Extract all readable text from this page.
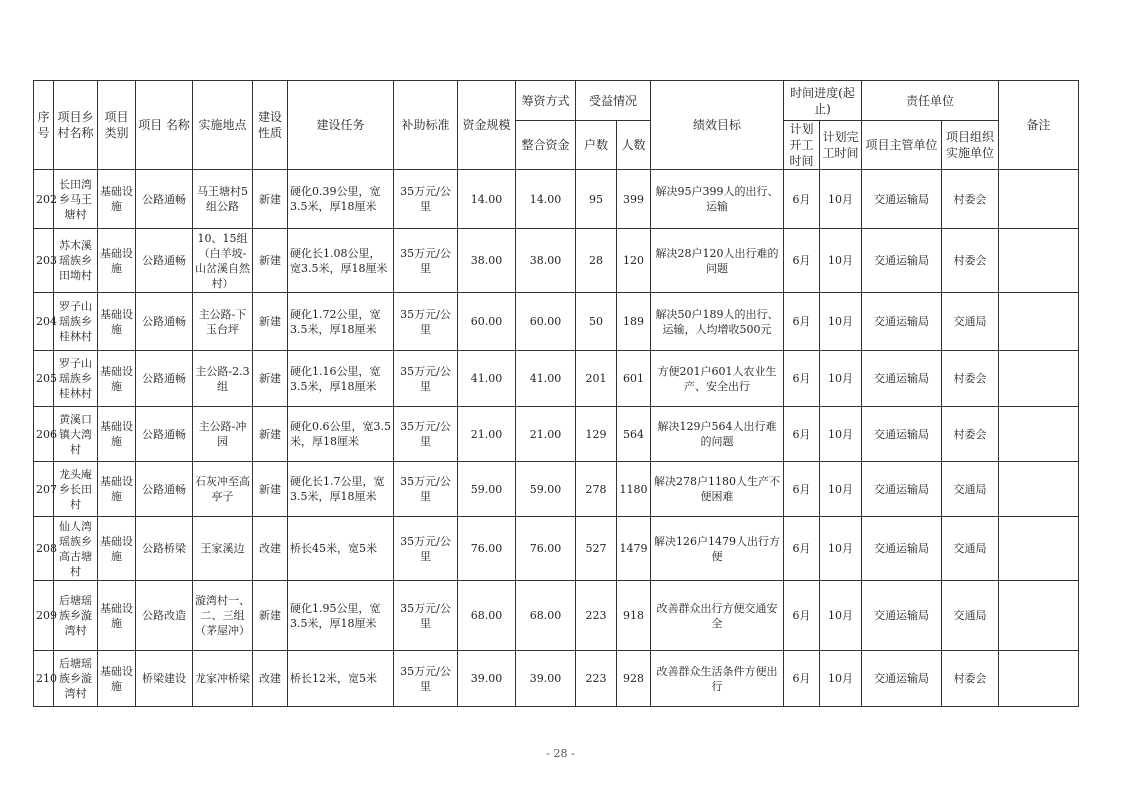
序号	项目乡村名称	项目类别	项目 名称	实施地点	建设性质	建设任务	补助标准	资金规模	筹资方式	受益情况		绩效目标	时间进度(起止)		责任单位		备注
									整合资金	户数	人数		计划开工时间	计划完工时间	项目主管单位	项目组织实施单位	
202	长田湾乡马王塘村	基础设施	公路通畅	马王塘村5组公路	新建	硬化0.39公里，宽3.5米，厚18厘米	35万元/公里	14.00	14.00	95	399	解决95户399人的出行、运输	6月	10月	交通运输局	村委会	
203	苏木溪瑶族乡田坳村	基础设施	公路通畅	10、15组（白羊坡-山岔溪自然村）	新建	硬化长1.08公里，宽3.5米，厚18厘米	35万元/公里	38.00	38.00	28	120	解决28户120人出行难的问题	6月	10月	交通运输局	村委会	
204	罗子山瑶族乡桂林村	基础设施	公路通畅	主公路-下玉台坪	新建	硬化1.72公里，宽3.5米，厚18厘米	35万元/公里	60.00	60.00	50	189	解决50户189人的出行、运输，人均增收500元	6月	10月	交通运输局	交通局	
205	罗子山瑶族乡桂林村	基础设施	公路通畅	主公路-2.3组	新建	硬化1.16公里，宽3.5米，厚18厘米	35万元/公里	41.00	41.00	201	601	方便201户601人农业生产、安全出行	6月	10月	交通运输局	村委会	
206	黄溪口镇大湾村	基础设施	公路通畅	主公路-冲园	新建	硬化0.6公里，宽3.5米，厚18厘米	35万元/公里	21.00	21.00	129	564	解决129户564人出行难的问题	6月	10月	交通运输局	村委会	
207	龙头庵乡长田村	基础设施	公路通畅	石灰冲至高亭子	新建	硬化长1.7公里，宽3.5米，厚18厘米	35万元/公里	59.00	59.00	278	1180	解决278户1180人生产不便困难	6月	10月	交通运输局	交通局	
208	仙人湾瑶族乡高古塘村	基础设施	公路桥梁	王家溪边	改建	桥长45米，宽5米	35万元/公里	76.00	76.00	527	1479	解决126户1479人出行方便	6月	10月	交通运输局	交通局	
209	后塘瑶族乡漩湾村	基础设施	公路改造	漩湾村一、二、三组（茅屋冲）	新建	硬化1.95公里，宽3.5米，厚18厘米	35万元/公里	68.00	68.00	223	918	改善群众出行方便交通安全	6月	10月	交通运输局	交通局	
210	后塘瑶族乡漩湾村	基础设施	桥梁建设	龙家冲桥梁	改建	桥长12米，宽5米	35万元/公里	39.00	39.00	223	928	改善群众生活条件方便出行	6月	10月	交通运输局	村委会	
- 28 -
